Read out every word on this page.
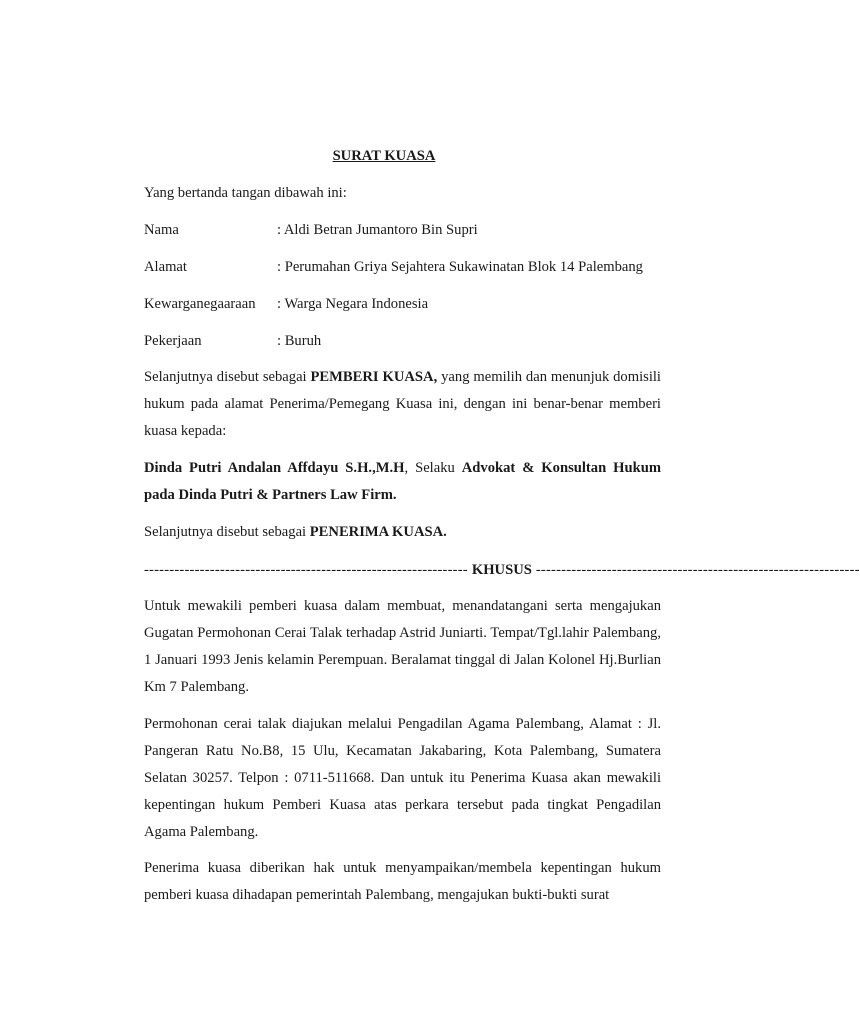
SURAT KUASA
Yang bertanda tangan dibawah ini:
Nama	: Aldi Betran Jumantoro Bin Supri
Alamat	: Perumahan Griya Sejahtera Sukawinatan Blok 14 Palembang
Kewarganegaaraan : Warga Negara Indonesia
Pekerjaan	: Buruh
Selanjutnya disebut sebagai PEMBERI KUASA, yang memilih dan menunjuk domisili hukum pada alamat Penerima/Pemegang Kuasa ini, dengan ini benar-benar memberi kuasa kepada:
Dinda Putri Andalan Affdayu S.H.,M.H, Selaku Advokat & Konsultan Hukum pada Dinda Putri & Partners Law Firm.
Selanjutnya disebut sebagai PENERIMA KUASA.
---------------------------------------------------------------- KHUSUS ----------------------------------------------------------------
Untuk mewakili pemberi kuasa dalam membuat, menandatangani serta mengajukan Gugatan Permohonan Cerai Talak terhadap Astrid Juniarti. Tempat/Tgl.lahir Palembang, 1 Januari 1993 Jenis kelamin Perempuan. Beralamat tinggal di Jalan Kolonel Hj.Burlian Km 7 Palembang.
Permohonan cerai talak diajukan melalui Pengadilan Agama Palembang, Alamat : Jl. Pangeran Ratu No.B8, 15 Ulu, Kecamatan Jakabaring, Kota Palembang, Sumatera Selatan 30257. Telpon : 0711-511668. Dan untuk itu Penerima Kuasa akan mewakili kepentingan hukum Pemberi Kuasa atas perkara tersebut pada tingkat Pengadilan Agama Palembang.
Penerima kuasa diberikan hak untuk menyampaikan/membela kepentingan hukum pemberi kuasa dihadapan pemerintah Palembang, mengajukan bukti-bukti surat
